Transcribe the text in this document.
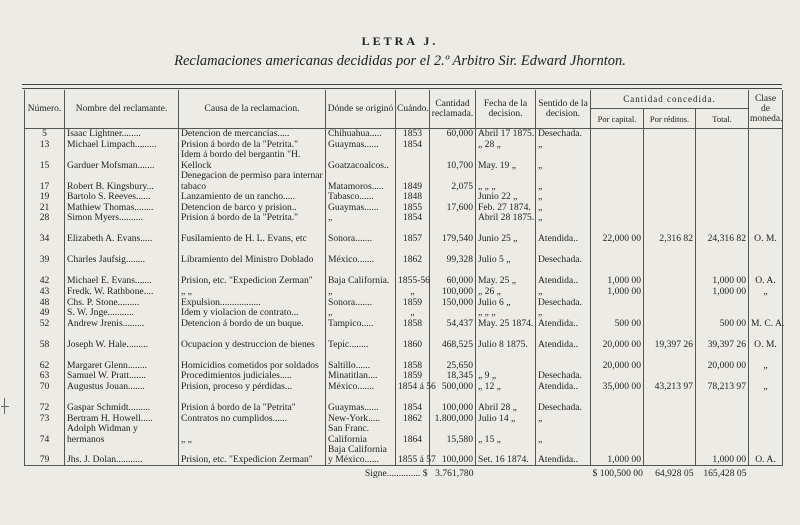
LETRA J.
Reclamaciones americanas decididas por el 2.º Arbitro Sir. Edward Jhornton.
Número.	Nombre del reclamante.	Causa de la reclamacion.	Dónde se originó	Cuándo.	Cantidad reclamada.	Fecha de la decision.	Sentido de la decision.	Cantidad concedida.			Clase de moneda.
								Por capital.	Por réditos.	Total.	
5	Isaac Lightner........	Detencion de mercancías.....	Chihuahua.....	1853	60,000	Abril 17 1875.	Desechada.				
13	Michael Limpach.........	Prision á bordo de la "Petrita."	Guaymas......	1854		„ 28 „	„				
15	Garduer Mofsman.......	Idem á bordo del bergantin "H. Kellock	Goatzacoalcos..		10,700	May. 19 „	„				
17	Robert B. Kingsbury...	Denegacion de permiso para internar tabaco	Matamoros.....	1849	2,075	„ „ „	„				
19	Bartolo S. Reeves......	Lanzamiento de un rancho.....	Tabasco......	1848		Junio 22 „	„				
21	Mathiew Thomas........	Detencion de barco y prision..	Guaymas......	1855	17,600	Feb. 27 1874.	„				
28	Simon Myers..........	Prision á bordo de la "Petrita."	„	1854		Abril 28 1875.	„				
34	Elizabeth A. Evans.....	Fusilamiento de H. L. Evans, etc	Sonora.......	1857	179,540	Junio 25 „	Atendida..	22,000 00	2,316 82	24,316 82	O. M.
39	Charles Jaufsig........	Libramiento del Ministro Doblado	México.......	1862	99,328	Julio 5 „	Desechada.				
42	Michael E. Evans.......	Prision, etc. "Expedicion Zerman"	Baja California.	1855-56	60,000	May. 25 „	Atendida..	1,000 00		1,000 00	O. A.
43	Fredk. W. Rathbone....	„ „	„	„	100,000	„ 26 „	„	1,000 00		1,000 00	„
48	Chs. P. Stone.........	Expulsion.................	Sonora.......	1859	150,000	Julio 6 „	Desechada.				
49	S. W. Jnge...........	Idem y violacion de contrato...	„	„		„ „ „	„				
52	Andrew Jrenis.........	Detencion á bordo de un buque.	Tampico.....	1858	54,437	May. 25 1874.	Atendida..	500 00		500 00	M. C. A.
58	Joseph W. Hale.........	Ocupacion y destruccion de bienes	Tepic........	1860	468,525	Julio 8 1875.	Atendida..	20,000 00	19,397 26	39,397 26	O. M.
62	Margaret Glenn........	Homicidios cometidos por soldados	Saltillo......	1858	25,650			20,000 00		20,000 00	„
63	Samuel W. Pratt.......	Procedimientos judiciales.....	Minatitlan....	1859	18,345	„ 9 „	Desechada.				
70	Augustus Jouan.......	Prision, proceso y pérdidas...	México.......	1854 á 56	500,000	„ 12 „	Atendida..	35,000 00	43,213 97	78,213 97	„
72	Gaspar Schmidt.........	Prision á bordo de la "Petrita"	Guaymas......	1854	100,000	Abril 28 „	Desechada.				
73	Bertram H. Howell.....	Contratos no cumplidos......	New-York.....	1862	1.800,000	Julio 14 „	„				
74	Adolph Widman y hermanos	„ „	San Franc. California	1864	15,580	„ 15 „	„				
79	Jhs. J. Dolan...........	Prision, etc. "Expedicion Zerman"	Baja California y México......	1855 á 57	100,000	Set. 16 1874.	Atendida..	1,000 00		1,000 00	O. A.
	Signe.............. $				3.761,780			$ 100,500 00	64,928 05	165,428 05	
